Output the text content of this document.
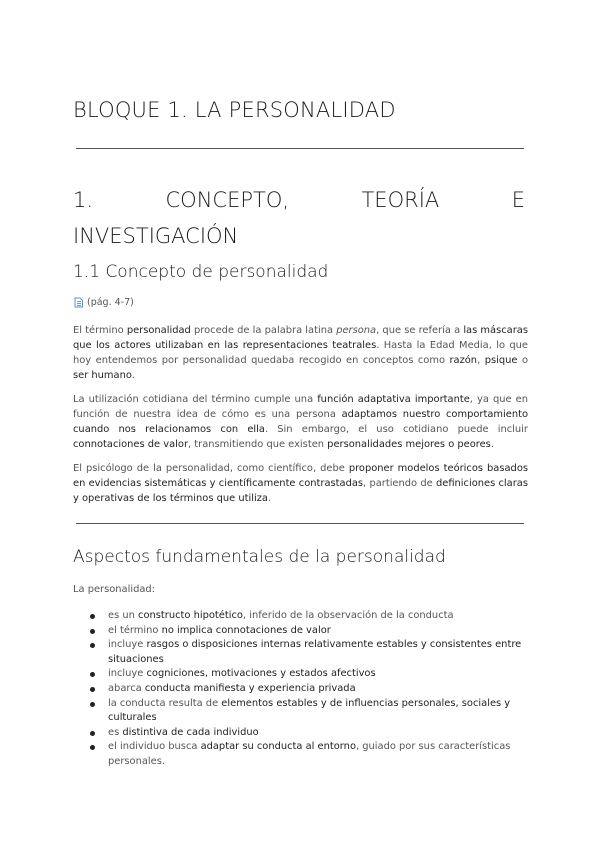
BLOQUE 1. LA PERSONALIDAD
1.	CONCEPTO,	TEORÍA	E
INVESTIGACIÓN
1.1 Concepto de personalidad
(pág. 4-7)

El término personalidad procede de la palabra latina persona, que se refería a las máscaras que los actores utilizaban en las representaciones teatrales. Hasta la Edad Media, lo que hoy entendemos por personalidad quedaba recogido en conceptos como razón, psique o ser humano.

La utilización cotidiana del término cumple una función adaptativa importante, ya que en función de nuestra idea de cómo es una persona adaptamos nuestro comportamiento cuando nos relacionamos con ella. Sin embargo, el uso cotidiano puede incluir connotaciones de valor, transmitiendo que existen personalidades mejores o peores.

El psicólogo de la personalidad, como científico, debe proponer modelos teóricos basados en evidencias sistemáticas y científicamente contrastadas, partiendo de definiciones claras y operativas de los términos que utiliza.

Aspectos fundamentales de la personalidad

La personalidad:

es un constructo hipotético, inferido de la observación de la conducta
el término no implica connotaciones de valor
incluye rasgos o disposiciones internas relativamente estables y consistentes entre situaciones
incluye cogniciones, motivaciones y estados afectivos
abarca conducta manifiesta y experiencia privada
la conducta resulta de elementos estables y de influencias personales, sociales y culturales
es distintiva de cada individuo
el individuo busca adaptar su conducta al entorno, guiado por sus características personales.
